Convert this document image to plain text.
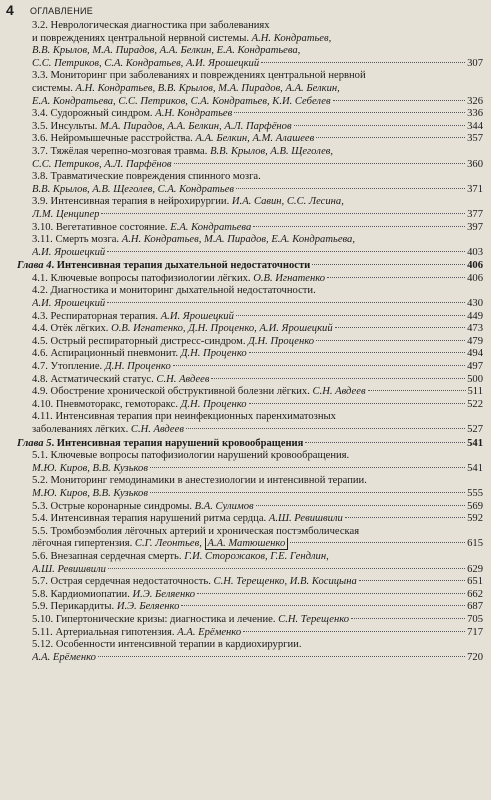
4 ОГЛАВЛЕНИЕ
3.2. Неврологическая диагностика при заболеваниях
и повреждениях центральной нервной системы. А.Н. Кондратьев,
В.В. Крылов, М.А. Пирадов, А.А. Белкин, Е.А. Кондратьева,
С.С. Петриков, С.А. Кондратьев, А.И. Ярошецкий	307
3.3. Мониторинг при заболеваниях и повреждениях центральной нервной
системы. А.Н. Кондратьев, В.В. Крылов, М.А. Пирадов, А.А. Белкин,
Е.А. Кондратьева, С.С. Петриков, С.А. Кондратьев, К.И. Себелев	326
3.4. Судорожный синдром. А.Н. Кондратьев	336
3.5. Инсульты. М.А. Пирадов, А.А. Белкин, А.Л. Парфёнов	344
3.6. Нейромышечные расстройства. А.А. Белкин, А.М. Алашеев	357
3.7. Тяжёлая черепно-мозговая травма. В.В. Крылов, А.В. Щеголев,
С.С. Петриков, А.Л. Парфёнов	360
3.8. Травматические повреждения спинного мозга.
В.В. Крылов, А.В. Щеголев, С.А. Кондратьев	371
3.9. Интенсивная терапия в нейрохирургии. И.А. Савин, С.С. Лесина,
Л.М. Ценципер	377
3.10. Вегетативное состояние. Е.А. Кондратьева	397
3.11. Смерть мозга. А.Н. Кондратьев, М.А. Пирадов, Е.А. Кондратьева,
А.И. Ярошецкий	403
Глава 4. Интенсивная терапия дыхательной недостаточности	406
4.1. Ключевые вопросы патофизиологии лёгких. О.В. Игнатенко	406
4.2. Диагностика и мониторинг дыхательной недостаточности.
А.И. Ярошецкий	430
4.3. Респираторная терапия. А.И. Ярошецкий	449
4.4. Отёк лёгких. О.В. Игнатенко, Д.Н. Проценко, А.И. Ярошецкий	473
4.5. Острый респираторный дистресс-синдром. Д.Н. Проценко	479
4.6. Аспирационный пневмонит. Д.Н. Проценко	494
4.7. Утопление. Д.Н. Проценко	497
4.8. Астматический статус. С.Н. Авдеев	500
4.9. Обострение хронической обструктивной болезни лёгких. С.Н. Авдеев	511
4.10. Пневмоторакс, гемоторакс. Д.Н. Проценко	522
4.11. Интенсивная терапия при неинфекционных паренхиматозных
заболеваниях лёгких. С.Н. Авдеев	527
Глава 5. Интенсивная терапия нарушений кровообращения	541
5.1. Ключевые вопросы патофизиологии нарушений кровообращения.
М.Ю. Киров, В.В. Кузьков	541
5.2. Мониторинг гемодинамики в анестезиологии и интенсивной терапии.
М.Ю. Киров, В.В. Кузьков	555
5.3. Острые коронарные синдромы. В.А. Сулимов	569
5.4. Интенсивная терапия нарушений ритма сердца. А.Ш. Ревишвили	592
5.5. Тромбоэмболия лёгочных артерий и хроническая постэмболическая
лёгочная гипертензия. С.Г. Леонтьев, А.А. Матюшенко	615
5.6. Внезапная сердечная смерть. Г.И. Сторожаков, Г.Е. Гендлин,
А.Ш. Ревишвили	629
5.7. Острая сердечная недостаточность. С.Н. Терещенко, И.В. Косицына	651
5.8. Кардиомиопатии. И.Э. Беляенко	662
5.9. Перикардиты. И.Э. Беляенко	687
5.10. Гипертонические кризы: диагностика и лечение. С.Н. Терещенко	705
5.11. Артериальная гипотензия. А.А. Ерёменко	717
5.12. Особенности интенсивной терапии в кардиохирургии.
А.А. Ерёменко	720
